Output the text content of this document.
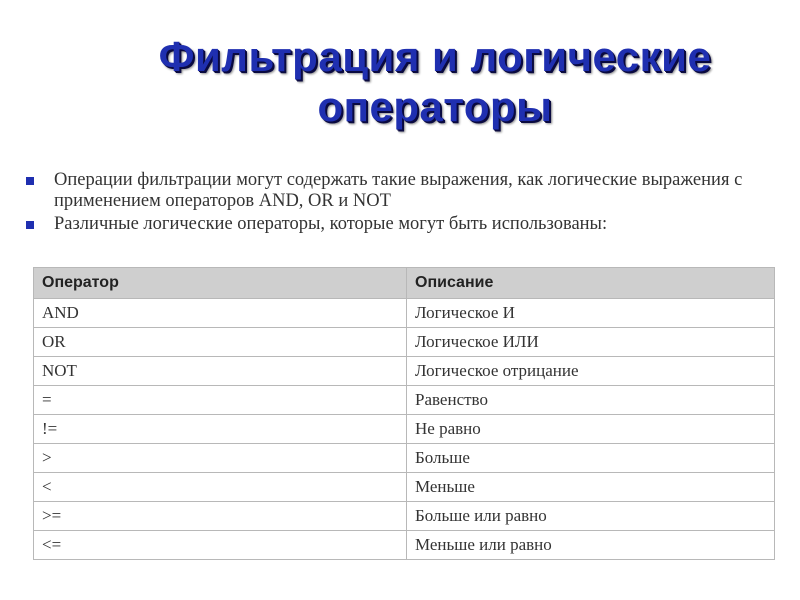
Фильтрация и логические
операторы
Операции фильтрации могут содержать такие выражения, как логические выражения с применением операторов AND, OR и NOT
Различные логические операторы, которые могут быть использованы:
Оператор	Описание
AND	Логическое И
OR	Логическое ИЛИ
NOT	Логическое отрицание
=	Равенство
!=	Не равно
>	Больше
<	Меньше
>=	Больше или равно
<=	Меньше или равно
